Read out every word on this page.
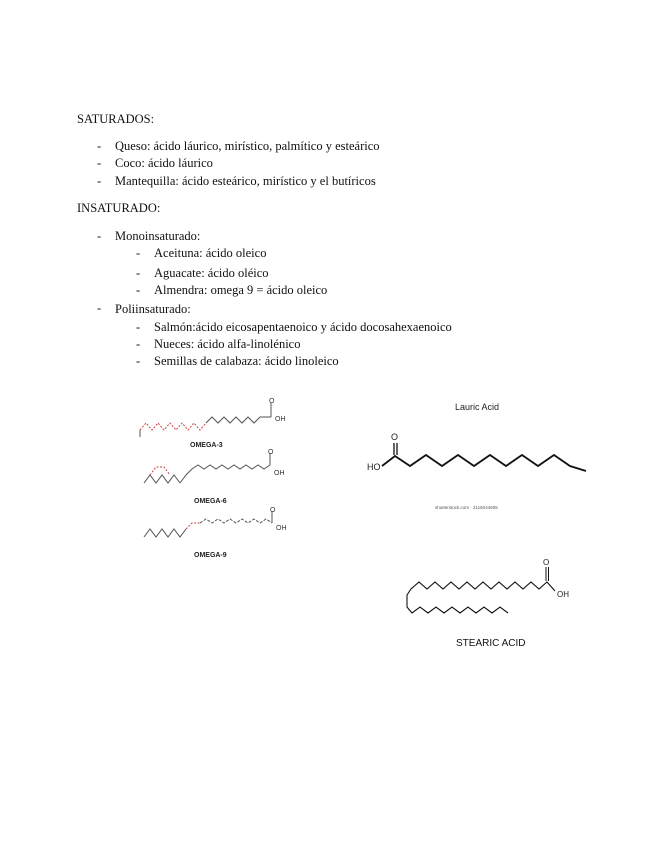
SATURADOS:
- Queso: ácido láurico, mirístico, palmítico y esteárico
- Coco: ácido láurico
- Mantequilla: ácido esteárico, mirístico y el butíricos
INSATURADO:
- Monoinsaturado:
- Aceituna: ácido oleico
- Aguacate: ácido oléico
- Almendra: omega 9 = ácido oleico
- Poliinsaturado:
- Salmón:ácido eicosapentaenoico y ácido docosahexaenoico
- Nueces: ácido alfa-linolénico
- Semillas de calabaza: ácido linoleico
O
OH
OMEGA-3
O
OH
OMEGA-6
O
OH
OMEGA-9
Lauric Acid
HO
O
shutterstock.com · 2116044605
O
OH
STEARIC ACID
